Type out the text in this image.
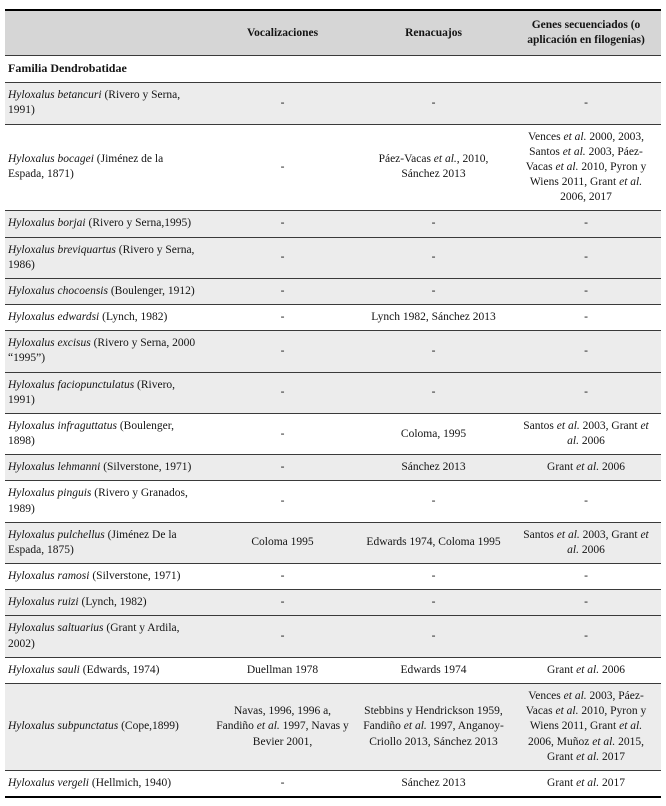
	Vocalizaciones	Renacuajos	Genes secuenciados (o aplicación en filogenias)
Familia Dendrobatidae			
Hyloxalus betancuri (Rivero y Serna, 1991)	-	-	-
Hyloxalus bocagei (Jiménez de la Espada, 1871)	-	Páez-Vacas et al., 2010, Sánchez 2013	Vences et al. 2000, 2003, Santos et al. 2003, Páez-Vacas et al. 2010, Pyron y Wiens 2011, Grant et al. 2006, 2017
Hyloxalus borjai (Rivero y Serna,1995)	-	-	-
Hyloxalus breviquartus (Rivero y Serna, 1986)	-	-	-
Hyloxalus chocoensis (Boulenger, 1912)	-	-	-
Hyloxalus edwardsi (Lynch, 1982)	-	Lynch 1982, Sánchez 2013	-
Hyloxalus excisus (Rivero y Serna, 2000 “1995”)	-	-	-
Hyloxalus faciopunctulatus (Rivero, 1991)	-	-	-
Hyloxalus infraguttatus (Boulenger, 1898)	-	Coloma, 1995	Santos et al. 2003, Grant et al. 2006
Hyloxalus lehmanni (Silverstone, 1971)	-	Sánchez 2013	Grant et al. 2006
Hyloxalus pinguis (Rivero y Granados, 1989)	-	-	-
Hyloxalus pulchellus (Jiménez De la Espada, 1875)	Coloma 1995	Edwards 1974, Coloma 1995	Santos et al. 2003, Grant et al. 2006
Hyloxalus ramosi (Silverstone, 1971)	-	-	-
Hyloxalus ruizi (Lynch, 1982)	-	-	-
Hyloxalus saltuarius (Grant y Ardila, 2002)	-	-	-
Hyloxalus sauli (Edwards, 1974)	Duellman 1978	Edwards 1974	Grant et al. 2006
Hyloxalus subpunctatus (Cope,1899)	Navas, 1996, 1996 a, Fandiño et al. 1997, Navas y Bevier 2001,	Stebbins y Hendrickson 1959, Fandiño et al. 1997, Anganoy-Criollo 2013, Sánchez 2013	Vences et al. 2003, Páez-Vacas et al. 2010, Pyron y Wiens 2011, Grant et al. 2006, Muñoz et al. 2015, Grant et al. 2017
Hyloxalus vergeli (Hellmich, 1940)	-	Sánchez 2013	Grant et al. 2017
